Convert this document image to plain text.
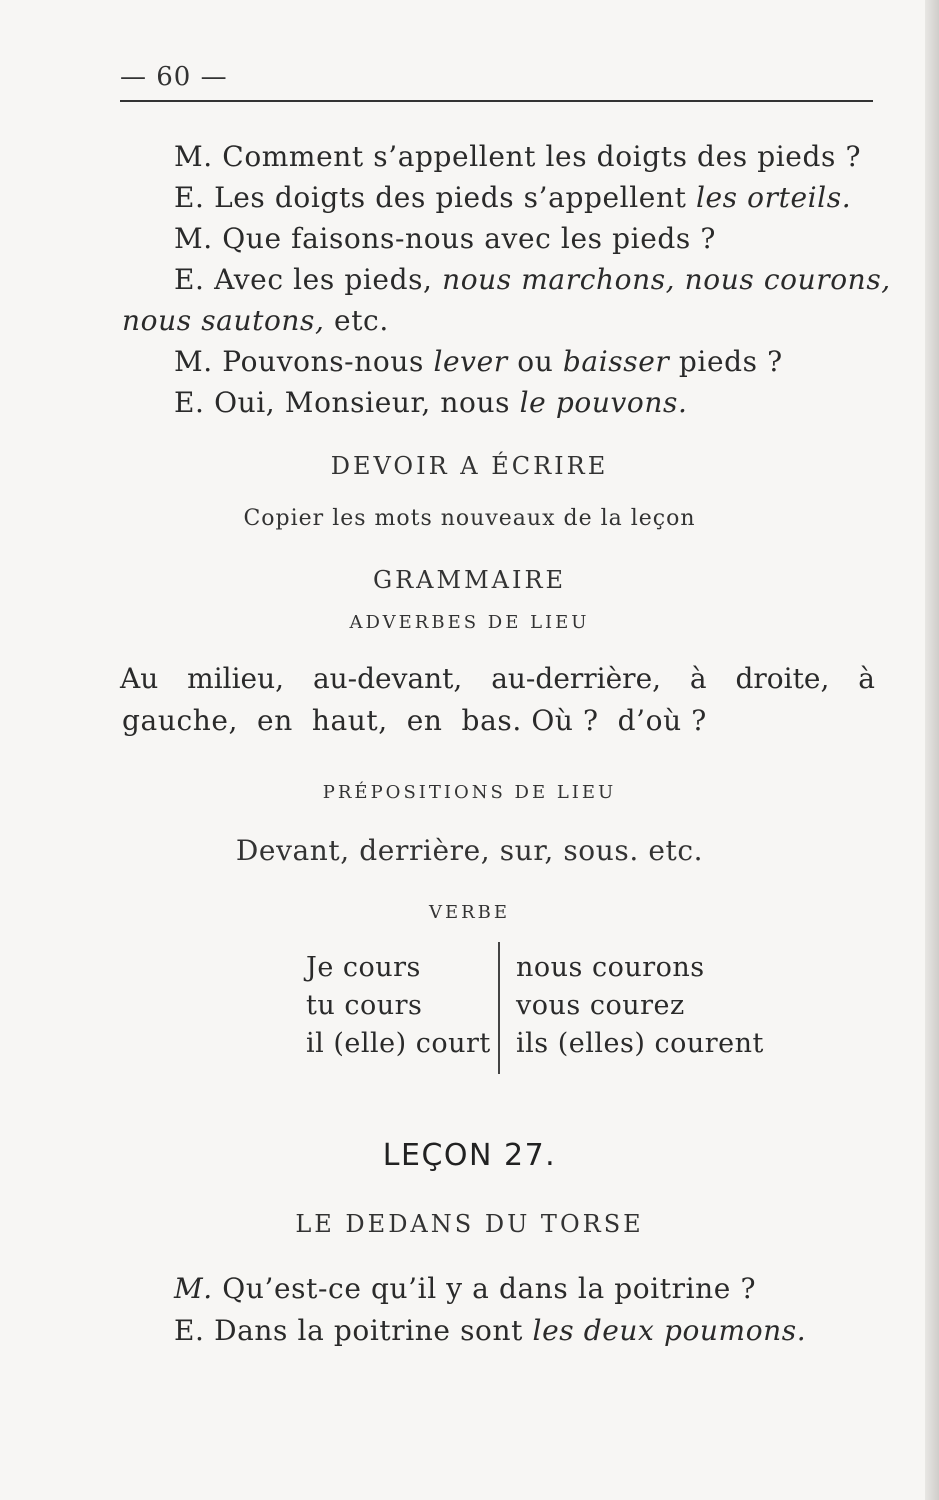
— 60 —
M. Comment s’appellent les doigts des pieds ?
E. Les doigts des pieds s’appellent les orteils.
M. Que faisons-nous avec les pieds ?
E. Avec les pieds, nous marchons, nous courons,
nous sautons, etc.
M. Pouvons-nous lever ou baisser pieds ?
E. Oui, Monsieur, nous le pouvons.
DEVOIR A ÉCRIRE
Copier les mots nouveaux de la leçon
GRAMMAIRE
ADVERBES DE LIEU
Au milieu, au-devant, au-derrière, à droite, à
gauche,  en  haut,  en  bas. Où ?  d’où ?
PRÉPOSITIONS DE LIEU
Devant, derrière, sur, sous. etc.
VERBE
Je cours
tu cours
il (elle) court
nous courons
vous courez
ils (elles) courent
LEÇON 27.
LE DEDANS DU TORSE
M. Qu’est-ce qu’il y a dans la poitrine ?
E. Dans la poitrine sont les deux poumons.
